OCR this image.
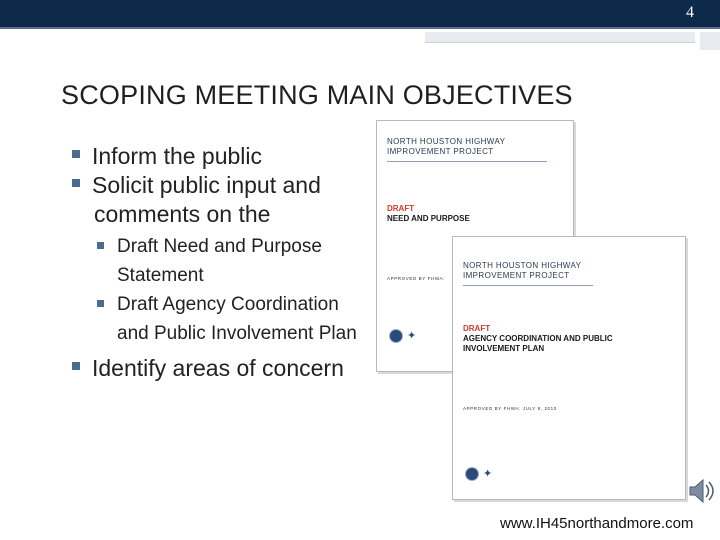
4
SCOPING MEETING MAIN OBJECTIVES
Inform the public
Solicit public input and comments on the
Draft Need and Purpose Statement
Draft Agency Coordination and Public Involvement Plan
Identify areas of concern
NORTH HOUSTON HIGHWAY IMPROVEMENT PROJECT
DRAFT
NEED AND PURPOSE
APPROVED BY FHWA:
✦
NORTH HOUSTON HIGHWAY IMPROVEMENT PROJECT
DRAFT
AGENCY COORDINATION AND PUBLIC INVOLVEMENT PLAN
APPROVED BY FHWA: JULY 8, 2010
✦
www.IH45northandmore.com
